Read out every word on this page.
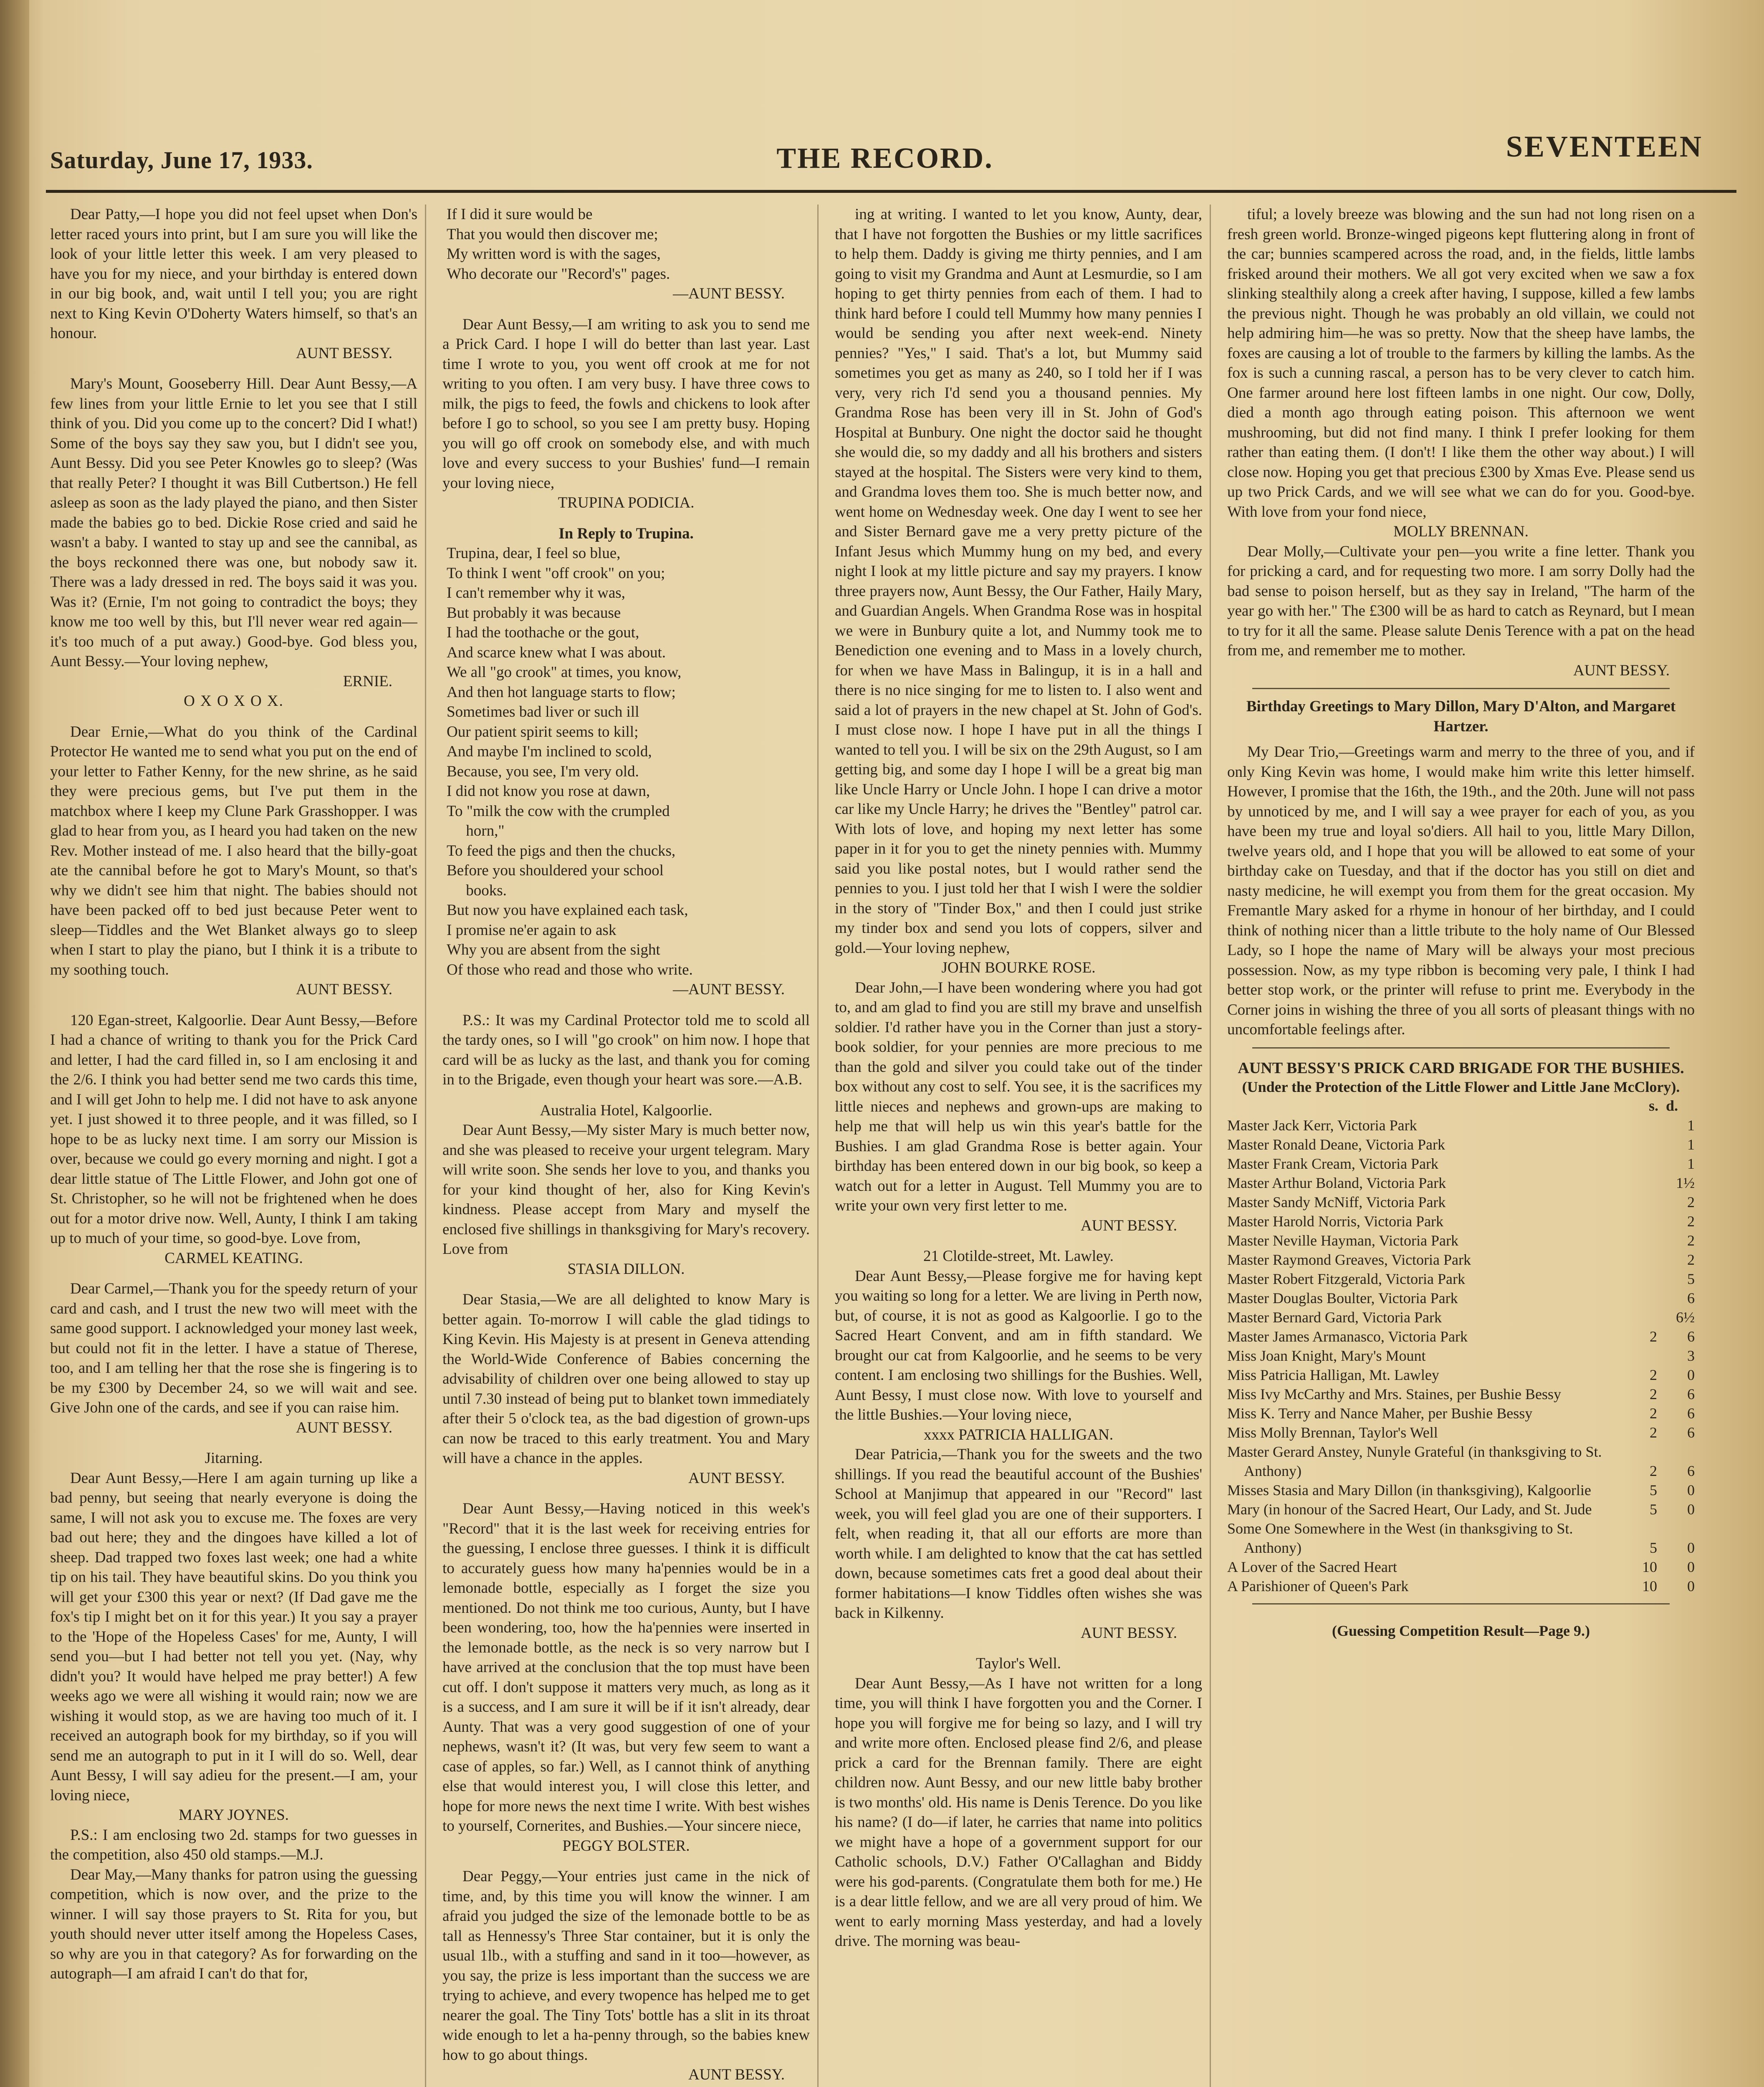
Saturday, June 17, 1933.	THE RECORD.	SEVENTEEN

Dear Patty,—I hope you did not feel upset when Don's letter raced yours into print, but I am sure you will like the look of your little letter this week. I am very pleased to have you for my niece, and your birthday is entered down in our big book, and, wait until I tell you; you are right next to King Kevin O'Doherty Waters himself, so that's an honour.

AUNT BESSY.

Mary's Mount, Gooseberry Hill. Dear Aunt Bessy,—A few lines from your little Ernie to let you see that I still think of you. Did you come up to the concert? Did I what!) Some of the boys say they saw you, but I didn't see you, Aunt Bessy. Did you see Peter Knowles go to sleep? (Was that really Peter? I thought it was Bill Cutbertson.) He fell asleep as soon as the lady played the piano, and then Sister made the babies go to bed. Dickie Rose cried and said he wasn't a baby. I wanted to stay up and see the cannibal, as the boys reckonned there was one, but nobody saw it. There was a lady dressed in red. The boys said it was you. Was it? (Ernie, I'm not going to contradict the boys; they know me too well by this, but I'll never wear red again—it's too much of a put away.) Good-bye. God bless you, Aunt Bessy.—Your loving nephew,

ERNIE.

O X O X O X.

Dear Ernie,—What do you think of the Cardinal Protector He wanted me to send what you put on the end of your letter to Father Kenny, for the new shrine, as he said they were precious gems, but I've put them in the matchbox where I keep my Clune Park Grasshopper. I was glad to hear from you, as I heard you had taken on the new Rev. Mother instead of me. I also heard that the billy-goat ate the cannibal before he got to Mary's Mount, so that's why we didn't see him that night. The babies should not have been packed off to bed just because Peter went to sleep—Tiddles and the Wet Blanket always go to sleep when I start to play the piano, but I think it is a tribute to my soothing touch.

AUNT BESSY.

120 Egan-street, Kalgoorlie. Dear Aunt Bessy,—Before I had a chance of writing to thank you for the Prick Card and letter, I had the card filled in, so I am enclosing it and the 2/6. I think you had better send me two cards this time, and I will get John to help me. I did not have to ask anyone yet. I just showed it to three people, and it was filled, so I hope to be as lucky next time. I am sorry our Mission is over, because we could go every morning and night. I got a dear little statue of The Little Flower, and John got one of St. Christopher, so he will not be frightened when he does out for a motor drive now. Well, Aunty, I think I am taking up to much of your time, so good-bye. Love from,

CARMEL KEATING.

Dear Carmel,—Thank you for the speedy return of your card and cash, and I trust the new two will meet with the same good support. I acknowledged your money last week, but could not fit in the letter. I have a statue of Therese, too, and I am telling her that the rose she is fingering is to be my £300 by December 24, so we will wait and see. Give John one of the cards, and see if you can raise him.

AUNT BESSY.

Jitarning.

Dear Aunt Bessy,—Here I am again turning up like a bad penny, but seeing that nearly everyone is doing the same, I will not ask you to excuse me. The foxes are very bad out here; they and the dingoes have killed a lot of sheep. Dad trapped two foxes last week; one had a white tip on his tail. They have beautiful skins. Do you think you will get your £300 this year or next? (If Dad gave me the fox's tip I might bet on it for this year.) It you say a prayer to the 'Hope of the Hopeless Cases' for me, Aunty, I will send you—but I had better not tell you yet. (Nay, why didn't you? It would have helped me pray better!) A few weeks ago we were all wishing it would rain; now we are wishing it would stop, as we are having too much of it. I received an autograph book for my birthday, so if you will send me an autograph to put in it I will do so. Well, dear Aunt Bessy, I will say adieu for the present.—I am, your loving niece,

MARY JOYNES.

P.S.: I am enclosing two 2d. stamps for two guesses in the competition, also 450 old stamps.—M.J.

Dear May,—Many thanks for patron using the guessing competition, which is now over, and the prize to the winner. I will say those prayers to St. Rita for you, but youth should never utter itself among the Hopeless Cases, so why are you in that category? As for forwarding on the autograph—I am afraid I can't do that for,

If I did it sure would be
That you would then discover me;
My written word is with the sages,
Who decorate our "Record's" pages.

—AUNT BESSY.

Dear Aunt Bessy,—I am writing to ask you to send me a Prick Card. I hope I will do better than last year. Last time I wrote to you, you went off crook at me for not writing to you often. I am very busy. I have three cows to milk, the pigs to feed, the fowls and chickens to look after before I go to school, so you see I am pretty busy. Hoping you will go off crook on somebody else, and with much love and every success to your Bushies' fund—I remain your loving niece,

TRUPINA PODICIA.

In Reply to Trupina.

Trupina, dear, I feel so blue,
To think I went "off crook" on you;
I can't remember why it was,
But probably it was because
I had the toothache or the gout,
And scarce knew what I was about.
We all "go crook" at times, you know,
And then hot language starts to flow;
Sometimes bad liver or such ill
Our patient spirit seems to kill;
And maybe I'm inclined to scold,
Because, you see, I'm very old.
I did not know you rose at dawn,
To "milk the cow with the crumpled
horn,"
To feed the pigs and then the chucks,
Before you shouldered your school
books.
But now you have explained each task,
I promise ne'er again to ask
Why you are absent from the sight
Of those who read and those who write.

—AUNT BESSY.

P.S.: It was my Cardinal Protector told me to scold all the tardy ones, so I will "go crook" on him now. I hope that card will be as lucky as the last, and thank you for coming in to the Brigade, even though your heart was sore.—A.B.

Australia Hotel, Kalgoorlie.

Dear Aunt Bessy,—My sister Mary is much better now, and she was pleased to receive your urgent telegram. Mary will write soon. She sends her love to you, and thanks you for your kind thought of her, also for King Kevin's kindness. Please accept from Mary and myself the enclosed five shillings in thanksgiving for Mary's recovery. Love from

STASIA DILLON.

Dear Stasia,—We are all delighted to know Mary is better again. To-morrow I will cable the glad tidings to King Kevin. His Majesty is at present in Geneva attending the World-Wide Conference of Babies concerning the advisability of children over one being allowed to stay up until 7.30 instead of being put to blanket town immediately after their 5 o'clock tea, as the bad digestion of grown-ups can now be traced to this early treatment. You and Mary will have a chance in the apples.

AUNT BESSY.

Dear Aunt Bessy,—Having noticed in this week's "Record" that it is the last week for receiving entries for the guessing, I enclose three guesses. I think it is difficult to accurately guess how many ha'pennies would be in a lemonade bottle, especially as I forget the size you mentioned. Do not think me too curious, Aunty, but I have been wondering, too, how the ha'pennies were inserted in the lemonade bottle, as the neck is so very narrow but I have arrived at the conclusion that the top must have been cut off. I don't suppose it matters very much, as long as it is a success, and I am sure it will be if it isn't already, dear Aunty. That was a very good suggestion of one of your nephews, wasn't it? (It was, but very few seem to want a case of apples, so far.) Well, as I cannot think of anything else that would interest you, I will close this letter, and hope for more news the next time I write. With best wishes to yourself, Cornerites, and Bushies.—Your sincere niece,

PEGGY BOLSTER.

Dear Peggy,—Your entries just came in the nick of time, and, by this time you will know the winner. I am afraid you judged the size of the lemonade bottle to be as tall as Hennessy's Three Star container, but it is only the usual 1lb., with a stuffing and sand in it too—however, as you say, the prize is less important than the success we are trying to achieve, and every twopence has helped me to get nearer the goal. The Tiny Tots' bottle has a slit in its throat wide enough to let a ha-penny through, so the babies knew how to go about things.

AUNT BESSY.

ing at writing. I wanted to let you know, Aunty, dear, that I have not forgotten the Bushies or my little sacrifices to help them. Daddy is giving me thirty pennies, and I am going to visit my Grandma and Aunt at Lesmurdie, so I am hoping to get thirty pennies from each of them. I had to think hard before I could tell Mummy how many pennies I would be sending you after next week-end. Ninety pennies? "Yes," I said. That's a lot, but Mummy said sometimes you get as many as 240, so I told her if I was very, very rich I'd send you a thousand pennies. My Grandma Rose has been very ill in St. John of God's Hospital at Bunbury. One night the doctor said he thought she would die, so my daddy and all his brothers and sisters stayed at the hospital. The Sisters were very kind to them, and Grandma loves them too. She is much better now, and went home on Wednesday week. One day I went to see her and Sister Bernard gave me a very pretty picture of the Infant Jesus which Mummy hung on my bed, and every night I look at my little picture and say my prayers. I know three prayers now, Aunt Bessy, the Our Father, Haily Mary, and Guardian Angels. When Grandma Rose was in hospital we were in Bunbury quite a lot, and Nummy took me to Benediction one evening and to Mass in a lovely church, for when we have Mass in Balingup, it is in a hall and there is no nice singing for me to listen to. I also went and said a lot of prayers in the new chapel at St. John of God's. I must close now. I hope I have put in all the things I wanted to tell you. I will be six on the 29th August, so I am getting big, and some day I hope I will be a great big man like Uncle Harry or Uncle John. I hope I can drive a motor car like my Uncle Harry; he drives the "Bentley" patrol car. With lots of love, and hoping my next letter has some paper in it for you to get the ninety pennies with. Mummy said you like postal notes, but I would rather send the pennies to you. I just told her that I wish I were the soldier in the story of "Tinder Box," and then I could just strike my tinder box and send you lots of coppers, silver and gold.—Your loving nephew,

JOHN BOURKE ROSE.

Dear John,—I have been wondering where you had got to, and am glad to find you are still my brave and unselfish soldier. I'd rather have you in the Corner than just a story-book soldier, for your pennies are more precious to me than the gold and silver you could take out of the tinder box without any cost to self. You see, it is the sacrifices my little nieces and nephews and grown-ups are making to help me that will help us win this year's battle for the Bushies. I am glad Grandma Rose is better again. Your birthday has been entered down in our big book, so keep a watch out for a letter in August. Tell Mummy you are to write your own very first letter to me.

AUNT BESSY.

21 Clotilde-street, Mt. Lawley.

Dear Aunt Bessy,—Please forgive me for having kept you waiting so long for a letter. We are living in Perth now, but, of course, it is not as good as Kalgoorlie. I go to the Sacred Heart Convent, and am in fifth standard. We brought our cat from Kalgoorlie, and he seems to be very content. I am enclosing two shillings for the Bushies. Well, Aunt Bessy, I must close now. With love to yourself and the little Bushies.—Your loving niece,

xxxx PATRICIA HALLIGAN.

Dear Patricia,—Thank you for the sweets and the two shillings. If you read the beautiful account of the Bushies' School at Manjimup that appeared in our "Record" last week, you will feel glad you are one of their supporters. I felt, when reading it, that all our efforts are more than worth while. I am delighted to know that the cat has settled down, because sometimes cats fret a good deal about their former habitations—I know Tiddles often wishes she was back in Kilkenny.

AUNT BESSY.

Taylor's Well.

Dear Aunt Bessy,—As I have not written for a long time, you will think I have forgotten you and the Corner. I hope you will forgive me for being so lazy, and I will try and write more often. Enclosed please find 2/6, and please prick a card for the Brennan family. There are eight children now. Aunt Bessy, and our new little baby brother is two months' old. His name is Denis Terence. Do you like his name? (I do—if later, he carries that name into politics we might have a hope of a government support for our Catholic schools, D.V.) Father O'Callaghan and Biddy were his god-parents. (Congratulate them both for me.) He is a dear little fellow, and we are all very proud of him. We went to early morning Mass yesterday, and had a lovely drive. The morning was beau-

tiful; a lovely breeze was blowing and the sun had not long risen on a fresh green world. Bronze-winged pigeons kept fluttering along in front of the car; bunnies scampered across the road, and, in the fields, little lambs frisked around their mothers. We all got very excited when we saw a fox slinking stealthily along a creek after having, I suppose, killed a few lambs the previous night. Though he was probably an old villain, we could not help admiring him—he was so pretty. Now that the sheep have lambs, the foxes are causing a lot of trouble to the farmers by killing the lambs. As the fox is such a cunning rascal, a person has to be very clever to catch him. One farmer around here lost fifteen lambs in one night. Our cow, Dolly, died a month ago through eating poison. This afternoon we went mushrooming, but did not find many. I think I prefer looking for them rather than eating them. (I don't! I like them the other way about.) I will close now. Hoping you get that precious £300 by Xmas Eve. Please send us up two Prick Cards, and we will see what we can do for you. Good-bye. With love from your fond niece,

MOLLY BRENNAN.

Dear Molly,—Cultivate your pen—you write a fine letter. Thank you for pricking a card, and for requesting two more. I am sorry Dolly had the bad sense to poison herself, but as they say in Ireland, "The harm of the year go with her." The £300 will be as hard to catch as Reynard, but I mean to try for it all the same. Please salute Denis Terence with a pat on the head from me, and remember me to mother.

AUNT BESSY.

Birthday Greetings to Mary Dillon, Mary D'Alton, and Margaret Hartzer.

My Dear Trio,—Greetings warm and merry to the three of you, and if only King Kevin was home, I would make him write this letter himself. However, I promise that the 16th, the 19th., and the 20th. June will not pass by unnoticed by me, and I will say a wee prayer for each of you, as you have been my true and loyal so'diers. All hail to you, little Mary Dillon, twelve years old, and I hope that you will be allowed to eat some of your birthday cake on Tuesday, and that if the doctor has you still on diet and nasty medicine, he will exempt you from them for the great occasion. My Fremantle Mary asked for a rhyme in honour of her birthday, and I could think of nothing nicer than a little tribute to the holy name of Our Blessed Lady, so I hope the name of Mary will be always your most precious possession. Now, as my type ribbon is becoming very pale, I think I had better stop work, or the printer will refuse to print me. Everybody in the Corner joins in wishing the three of you all sorts of pleasant things with no uncomfortable feelings after.

AUNT BESSY'S PRICK CARD BRIGADE FOR THE BUSHIES.
(Under the Protection of the Little Flower and Little Jane McClory).
s. d.
Master Jack Kerr, Victoria Park		1
Master Ronald Deane, Victoria Park		1
Master Frank Cream, Victoria Park		1
Master Arthur Boland, Victoria Park		1½
Master Sandy McNiff, Victoria Park		2
Master Harold Norris, Victoria Park		2
Master Neville Hayman, Victoria Park		2
Master Raymond Greaves, Victoria Park		2
Master Robert Fitzgerald, Victoria Park		5
Master Douglas Boulter, Victoria Park		6
Master Bernard Gard, Victoria Park		6½
Master James Armanasco, Victoria Park	2	6
Miss Joan Knight, Mary's Mount		3
Miss Patricia Halligan, Mt. Lawley	2	0
Miss Ivy McCarthy and Mrs. Staines, per Bushie Bessy	2	6
Miss K. Terry and Nance Maher, per Bushie Bessy	2	6
Miss Molly Brennan, Taylor's Well	2	6
Master Gerard Anstey, Nunyle Grateful (in thanksgiving to St. Anthony)	2	6
Misses Stasia and Mary Dillon (in thanksgiving), Kalgoorlie	5	0
Mary (in honour of the Sacred Heart, Our Lady, and St. Jude	5	0
Some One Somewhere in the West (in thanksgiving to St. Anthony)	5	0
A Lover of the Sacred Heart	10	0
A Parishioner of Queen's Park	10	0
(Guessing Competition Result—Page 9.)
